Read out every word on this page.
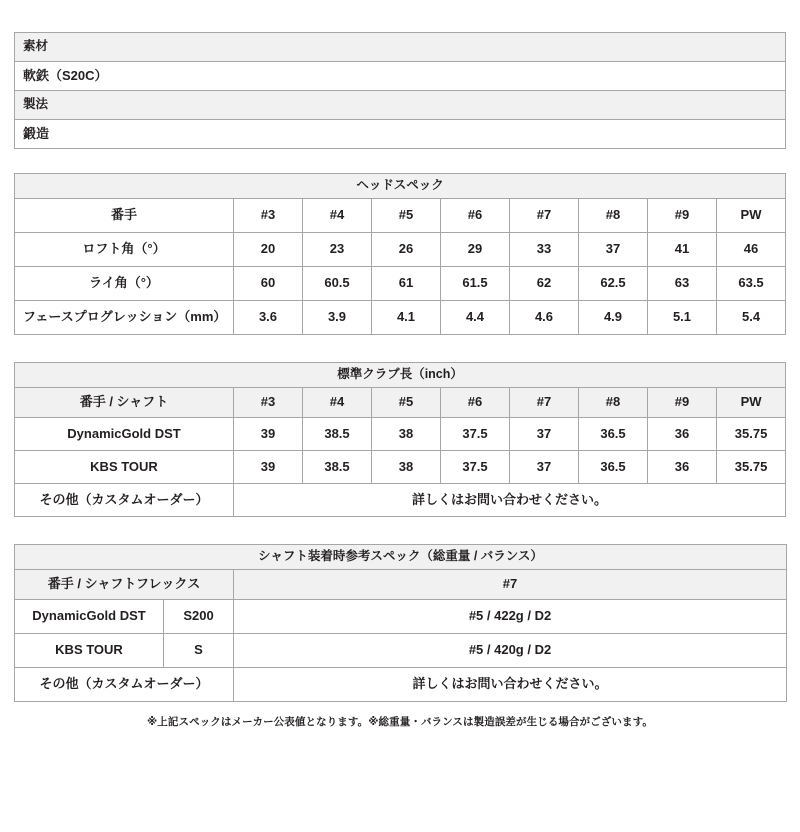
素材
軟鉄（S20C）
製法
鍛造
ヘッドスペック								
番手	#3	#4	#5	#6	#7	#8	#9	PW
ロフト角（°）	20	23	26	29	33	37	41	46
ライ角（°）	60	60.5	61	61.5	62	62.5	63	63.5
フェースプログレッション（mm）	3.6	3.9	4.1	4.4	4.6	4.9	5.1	5.4
標準クラブ長（inch）								
番手 / シャフト	#3	#4	#5	#6	#7	#8	#9	PW
DynamicGold DST	39	38.5	38	37.5	37	36.5	36	35.75
KBS TOUR	39	38.5	38	37.5	37	36.5	36	35.75
その他（カスタムオーダー）	詳しくはお問い合わせください。							
シャフト装着時参考スペック（総重量 / バランス）		
番手 / シャフトフレックス		#7
DynamicGold DST	S200	#5 / 422g / D2
KBS TOUR	S	#5 / 420g / D2
その他（カスタムオーダー）		詳しくはお問い合わせください。
※上記スペックはメーカー公表値となります。※総重量・バランスは製造誤差が生じる場合がございます。
